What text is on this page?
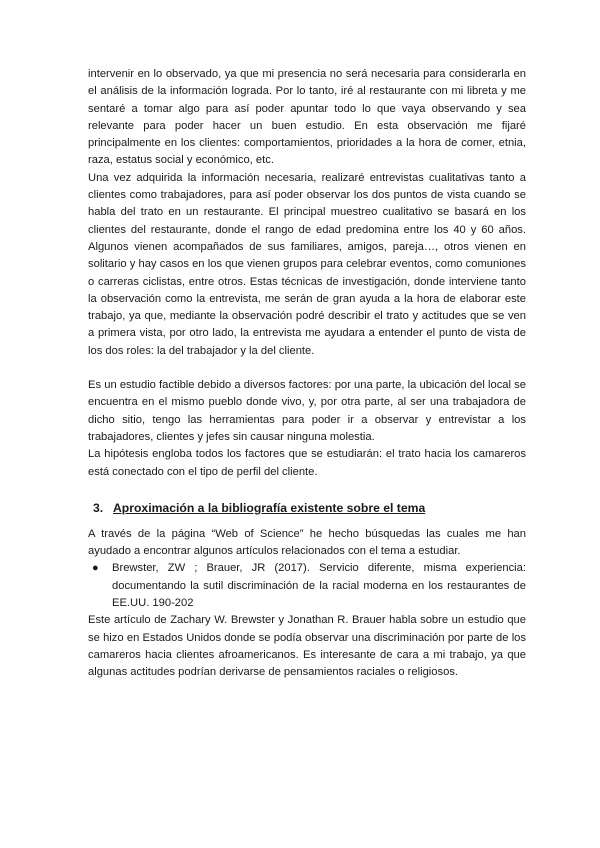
intervenir en lo observado, ya que mi presencia no será necesaria para considerarla en el análisis de la información lograda. Por lo tanto, iré al restaurante con mi libreta y me sentaré a tomar algo para así poder apuntar todo lo que vaya observando y sea relevante para poder hacer un buen estudio. En esta observación me fijaré principalmente en los clientes: comportamientos, prioridades a la hora de comer, etnia, raza, estatus social y económico, etc.

Una vez adquirida la información necesaria, realizaré entrevistas cualitativas tanto a clientes como trabajadores, para así poder observar los dos puntos de vista cuando se habla del trato en un restaurante. El principal muestreo cualitativo se basará en los clientes del restaurante, donde el rango de edad predomina entre los 40 y 60 años. Algunos vienen acompañados de sus familiares, amigos, pareja…, otros vienen en solitario y hay casos en los que vienen grupos para celebrar eventos, como comuniones o carreras ciclistas, entre otros. Estas técnicas de investigación, donde interviene tanto la observación como la entrevista, me serán de gran ayuda a la hora de elaborar este trabajo, ya que, mediante la observación podré describir el trato y actitudes que se ven a primera vista, por otro lado, la entrevista me ayudara a entender el punto de vista de los dos roles: la del trabajador y la del cliente.

Es un estudio factible debido a diversos factores: por una parte, la ubicación del local se encuentra en el mismo pueblo donde vivo, y, por otra parte, al ser una trabajadora de dicho sitio, tengo las herramientas para poder ir a observar y entrevistar a los trabajadores, clientes y jefes sin causar ninguna molestia.

La hipótesis engloba todos los factores que se estudiarán: el trato hacia los camareros está conectado con el tipo de perfil del cliente.

3. Aproximación a la bibliografía existente sobre el tema

A través de la página “Web of Science” he hecho búsquedas las cuales me han ayudado a encontrar algunos artículos relacionados con el tema a estudiar.

●	Brewster, ZW ; Brauer, JR (2017). Servicio diferente, misma experiencia: documentando la sutil discriminación de la racial moderna en los restaurantes de EE.UU. 190-202

Este artículo de Zachary W. Brewster y Jonathan R. Brauer habla sobre un estudio que se hizo en Estados Unidos donde se podía observar una discriminación por parte de los camareros hacia clientes afroamericanos. Es interesante de cara a mi trabajo, ya que algunas actitudes podrían derivarse de pensamientos raciales o religiosos.
